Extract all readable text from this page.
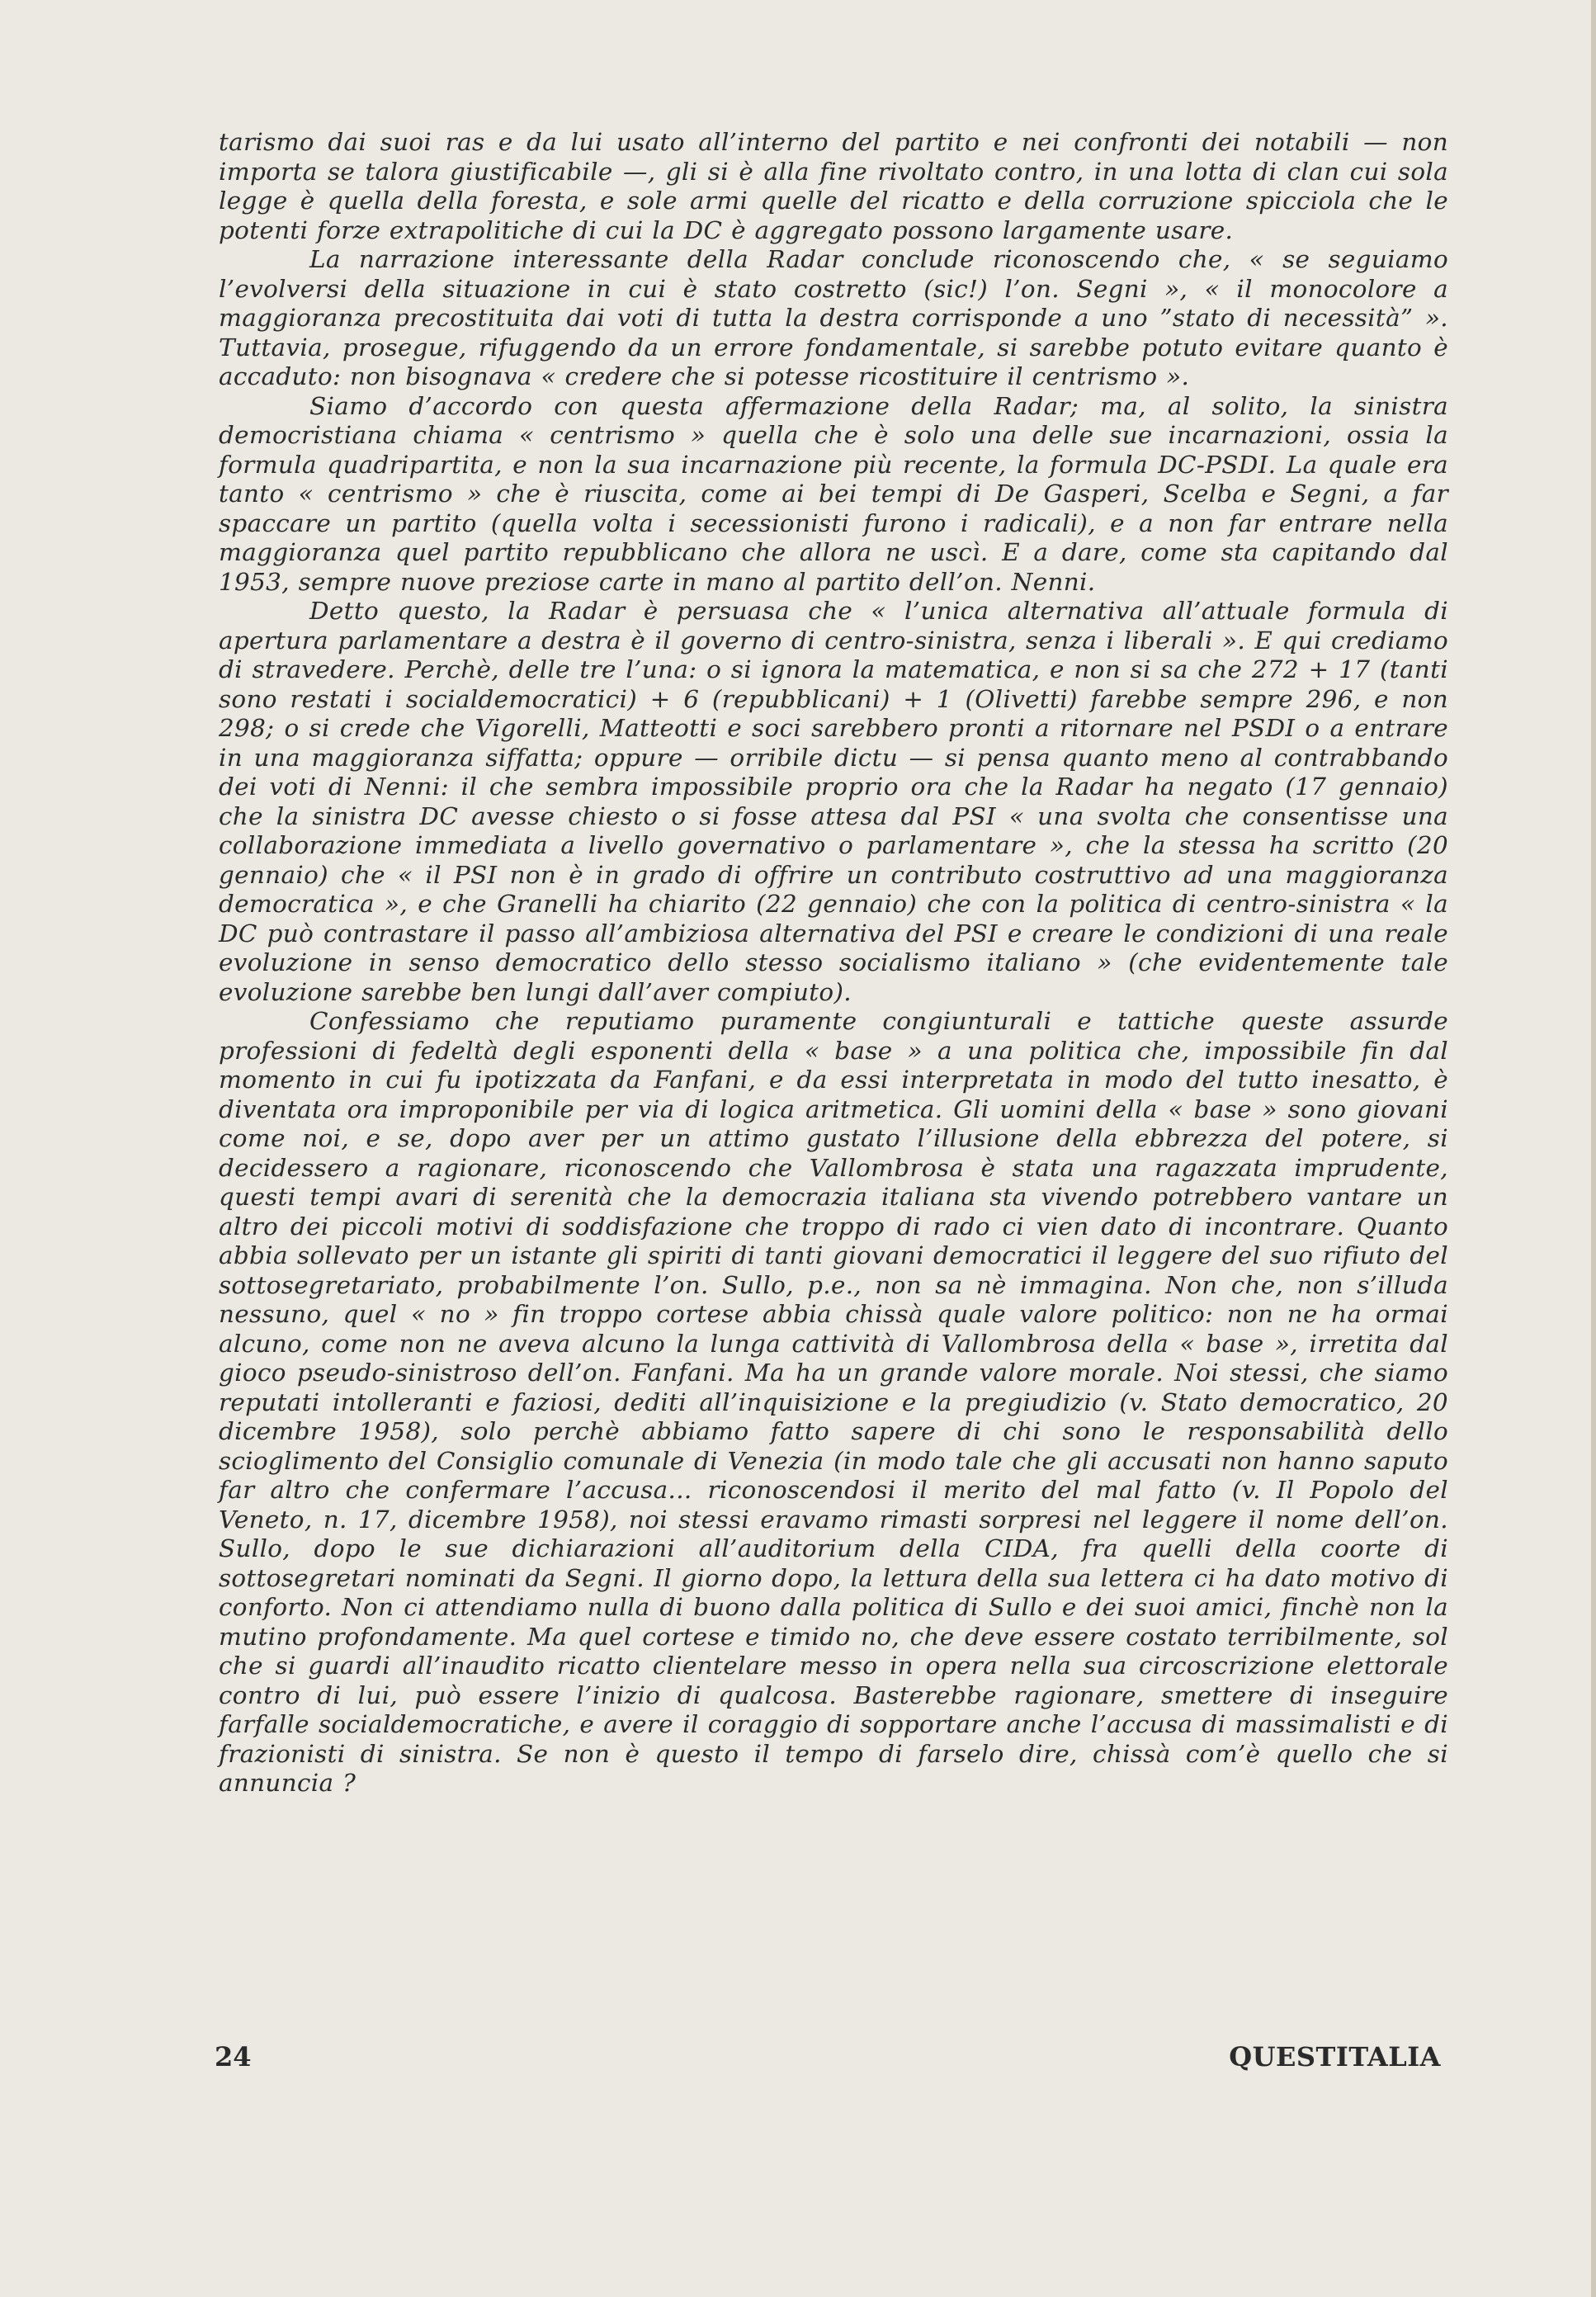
tarismo dai suoi ras e da lui usato all’interno del partito e nei confronti dei notabili — non importa se talora giustificabile —, gli si è alla fine rivoltato contro, in una lotta di clan cui sola legge è quella della foresta, e sole armi quelle del ricatto e della corruzione spicciola che le potenti forze extrapolitiche di cui la DC è aggregato possono largamente usare.

La narrazione interessante della Radar conclude riconoscendo che, « se seguiamo l’evolversi della situazione in cui è stato costretto (sic!) l’on. Segni », « il monocolore a maggioranza precostituita dai voti di tutta la destra corrisponde a uno ”stato di necessità” ». Tuttavia, prosegue, rifuggendo da un errore fondamentale, si sarebbe potuto evitare quanto è accaduto: non bisognava « credere che si potesse ricostituire il centrismo ».

Siamo d’accordo con questa affermazione della Radar; ma, al solito, la sinistra democristiana chiama « centrismo » quella che è solo una delle sue incarnazioni, ossia la formula quadripartita, e non la sua incarnazione più recente, la formula DC-PSDI. La quale era tanto « centrismo » che è riuscita, come ai bei tempi di De Gasperi, Scelba e Segni, a far spaccare un partito (quella volta i secessionisti furono i radicali), e a non far entrare nella maggioranza quel partito repubblicano che allora ne uscì. E a dare, come sta capitando dal 1953, sempre nuove preziose carte in mano al partito dell’on. Nenni.

Detto questo, la Radar è persuasa che « l’unica alternativa all’attuale formula di apertura parlamentare a destra è il governo di centro-sinistra, senza i liberali ». E qui crediamo di stravedere. Perchè, delle tre l’una: o si ignora la matematica, e non si sa che 272 + 17 (tanti sono restati i socialdemocratici) + 6 (repubblicani) + 1 (Olivetti) farebbe sempre 296, e non 298; o si crede che Vigorelli, Matteotti e soci sarebbero pronti a ritornare nel PSDI o a entrare in una maggioranza siffatta; oppure — orribile dictu — si pensa quanto meno al contrabbando dei voti di Nenni: il che sembra impossibile proprio ora che la Radar ha negato (17 gennaio) che la sinistra DC avesse chiesto o si fosse attesa dal PSI « una svolta che consentisse una collaborazione immediata a livello governativo o parlamentare », che la stessa ha scritto (20 gennaio) che « il PSI non è in grado di offrire un contributo costruttivo ad una maggioranza democratica », e che Granelli ha chiarito (22 gennaio) che con la politica di centro-sinistra « la DC può contrastare il passo all’ambiziosa alternativa del PSI e creare le condizioni di una reale evoluzione in senso democratico dello stesso socialismo italiano » (che evidentemente tale evoluzione sarebbe ben lungi dall’aver compiuto).

Confessiamo che reputiamo puramente congiunturali e tattiche queste assurde professioni di fedeltà degli esponenti della « base » a una politica che, impossibile fin dal momento in cui fu ipotizzata da Fanfani, e da essi interpretata in modo del tutto inesatto, è diventata ora improponibile per via di logica aritmetica. Gli uomini della « base » sono giovani come noi, e se, dopo aver per un attimo gustato l’illusione della ebbrezza del potere, si decidessero a ragionare, riconoscendo che Vallombrosa è stata una ragazzata imprudente, questi tempi avari di serenità che la democrazia italiana sta vivendo potrebbero vantare un altro dei piccoli motivi di soddisfazione che troppo di rado ci vien dato di incontrare. Quanto abbia sollevato per un istante gli spiriti di tanti giovani democratici il leggere del suo rifiuto del sottosegretariato, probabilmente l’on. Sullo, p.e., non sa nè immagina. Non che, non s’illuda nessuno, quel « no » fin troppo cortese abbia chissà quale valore politico: non ne ha ormai alcuno, come non ne aveva alcuno la lunga cattività di Vallombrosa della « base », irretita dal gioco pseudo-sinistroso dell’on. Fanfani. Ma ha un grande valore morale. Noi stessi, che siamo reputati intolleranti e faziosi, dediti all’inquisizione e la pregiudizio (v. Stato democratico, 20 dicembre 1958), solo perchè abbiamo fatto sapere di chi sono le responsabilità dello scioglimento del Consiglio comunale di Venezia (in modo tale che gli accusati non hanno saputo far altro che confermare l’accusa... riconoscendosi il merito del mal fatto (v. Il Popolo del Veneto, n. 17, dicembre 1958), noi stessi eravamo rimasti sorpresi nel leggere il nome dell’on. Sullo, dopo le sue dichiarazioni all’auditorium della CIDA, fra quelli della coorte di sottosegretari nominati da Segni. Il giorno dopo, la lettura della sua lettera ci ha dato motivo di conforto. Non ci attendiamo nulla di buono dalla politica di Sullo e dei suoi amici, finchè non la mutino profondamente. Ma quel cortese e timido no, che deve essere costato terribilmente, sol che si guardi all’inaudito ricatto clientelare messo in opera nella sua circoscrizione elettorale contro di lui, può essere l’inizio di qualcosa. Basterebbe ragionare, smettere di inseguire farfalle socialdemocratiche, e avere il coraggio di sopportare anche l’accusa di massimalisti e di frazionisti di sinistra. Se non è questo il tempo di farselo dire, chissà com’è quello che si annuncia ?

24	QUESTITALIA
